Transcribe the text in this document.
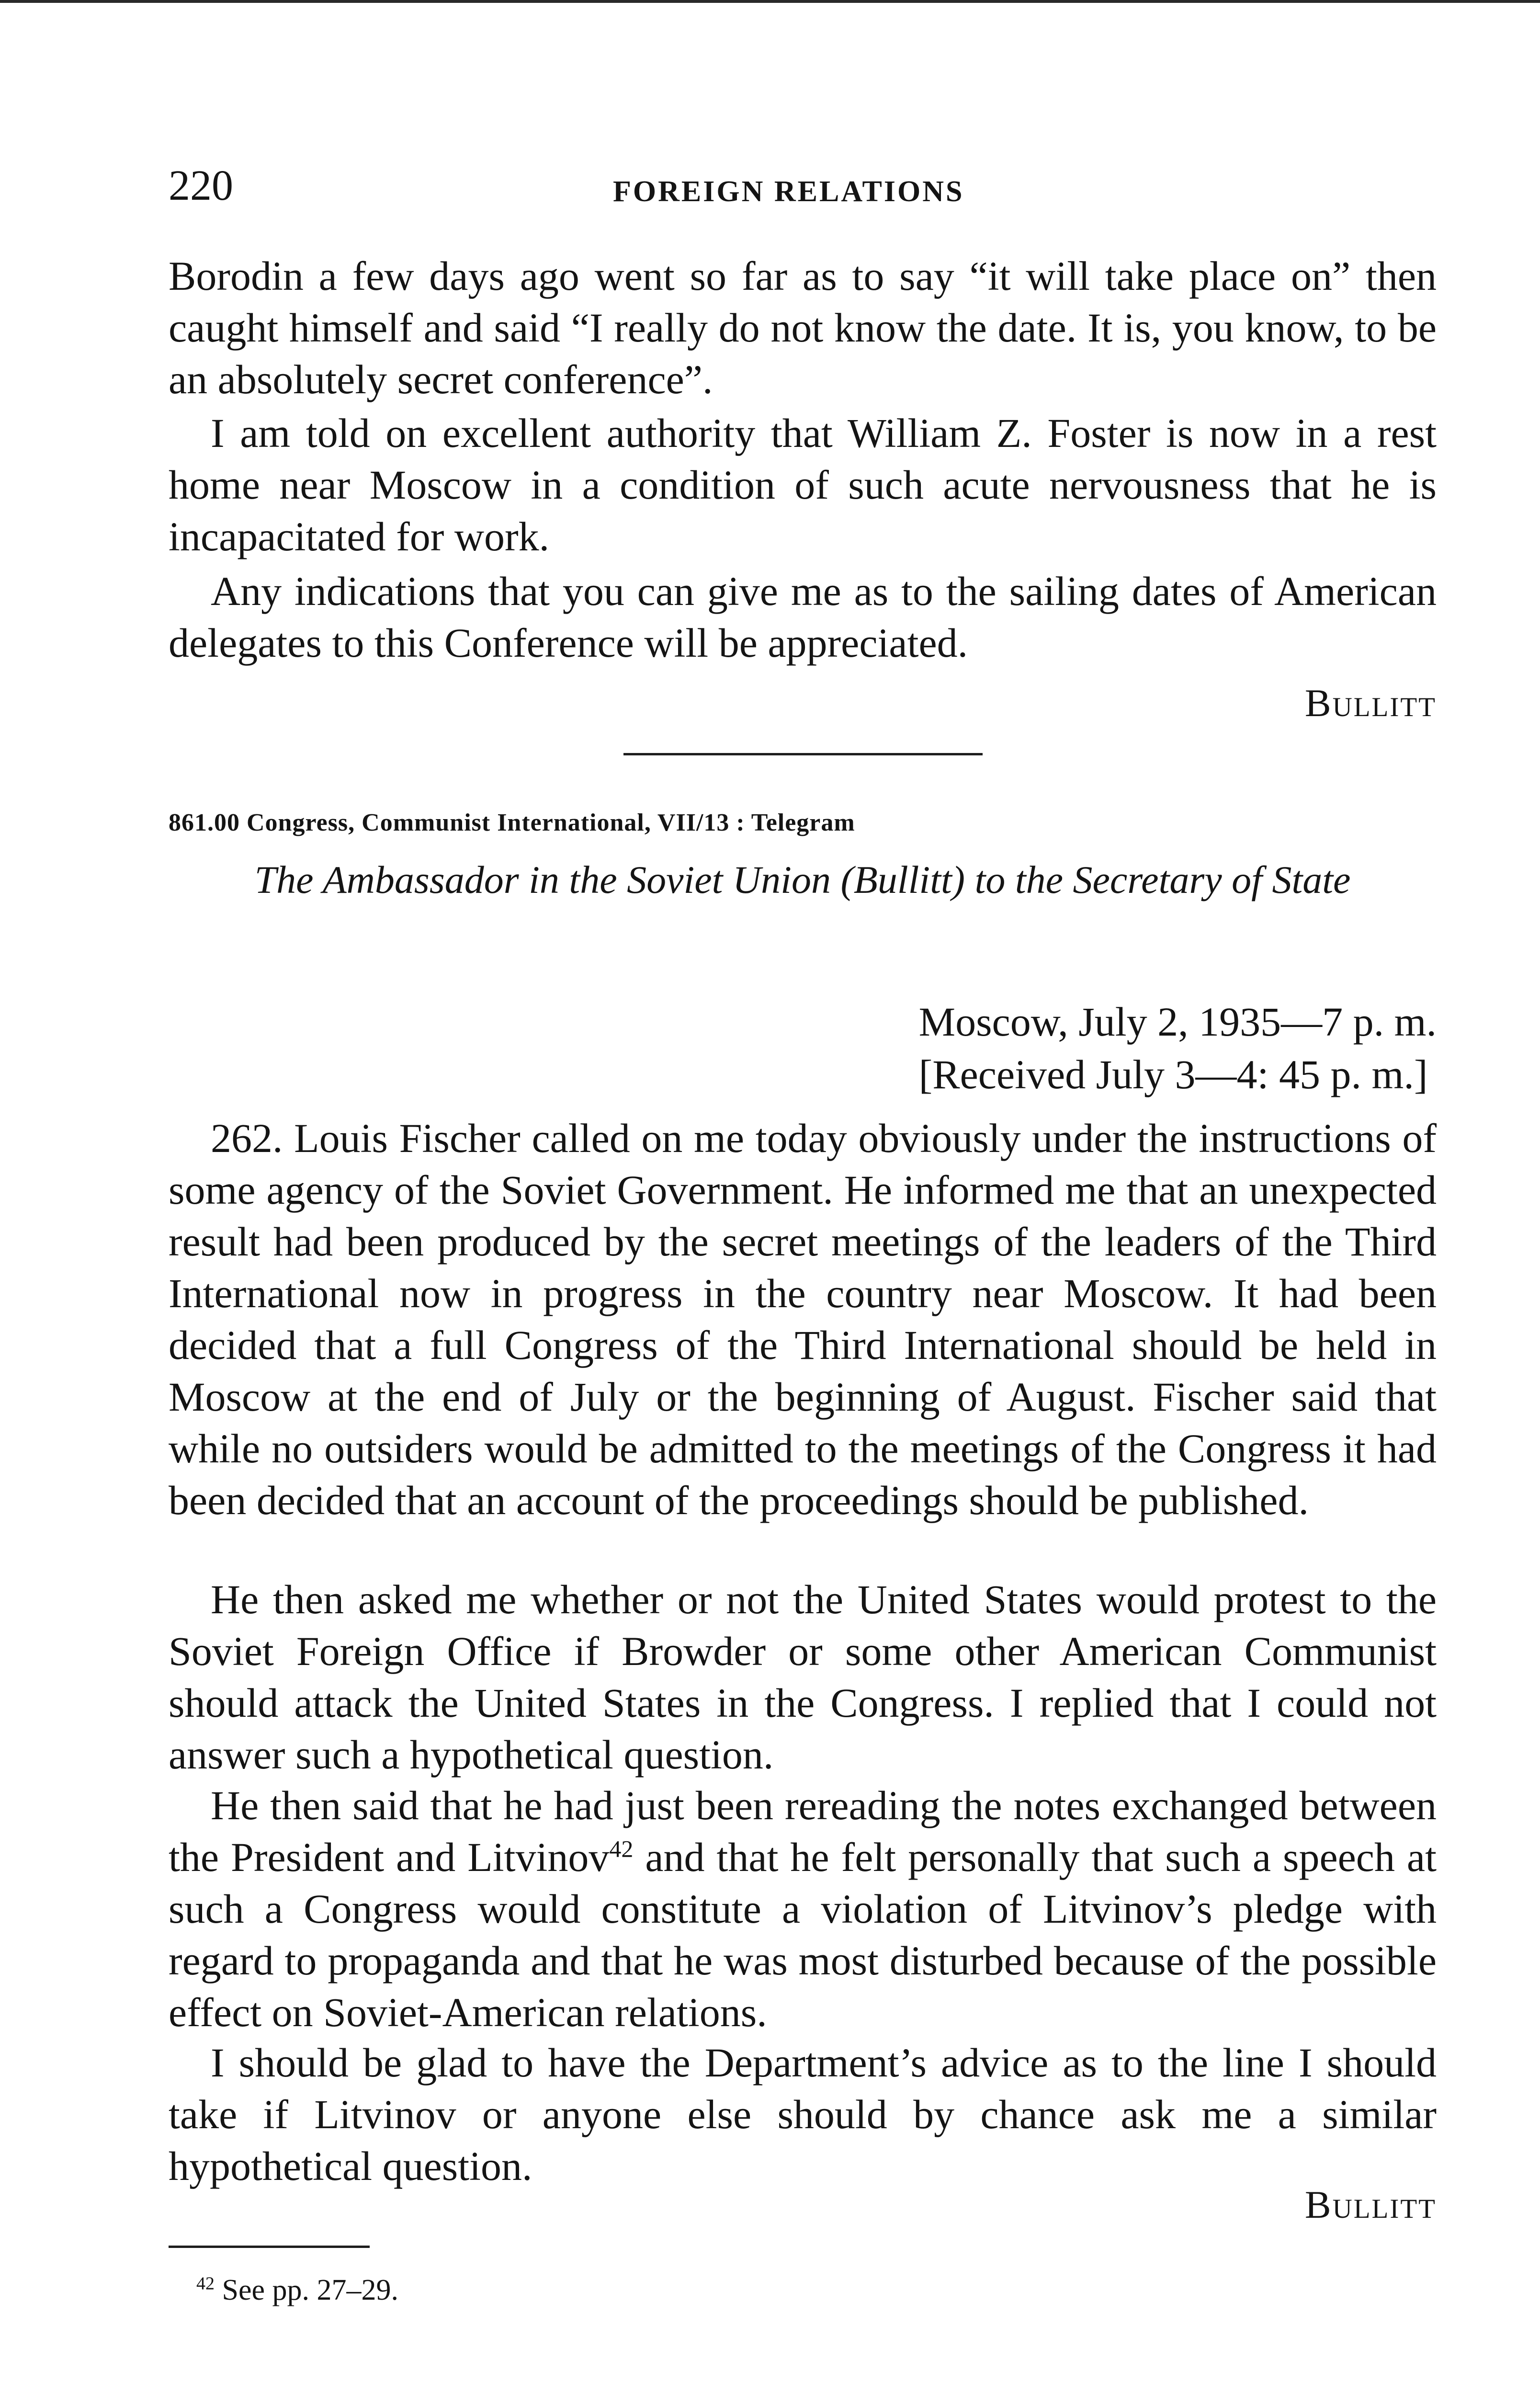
220	FOREIGN RELATIONS

Borodin a few days ago went so far as to say “it will take place on” then caught himself and said “I really do not know the date. It is, you know, to be an absolutely secret conference”.

I am told on excellent authority that William Z. Foster is now in a rest home near Moscow in a condition of such acute nervousness that he is incapacitated for work.

Any indications that you can give me as to the sailing dates of American delegates to this Conference will be appreciated.

Bullitt
861.00 Congress, Communist International, VII/13 : Telegram

The Ambassador in the Soviet Union (Bullitt) to the Secretary of State

Moscow, July 2, 1935—7 p. m.
[Received July 3—4: 45 p. m.]

262. Louis Fischer called on me today obviously under the instructions of some agency of the Soviet Government. He informed me that an unexpected result had been produced by the secret meetings of the leaders of the Third International now in progress in the country near Moscow. It had been decided that a full Congress of the Third International should be held in Moscow at the end of July or the beginning of August. Fischer said that while no outsiders would be admitted to the meetings of the Congress it had been decided that an account of the proceedings should be published.

He then asked me whether or not the United States would protest to the Soviet Foreign Office if Browder or some other American Communist should attack the United States in the Congress. I replied that I could not answer such a hypothetical question.

He then said that he had just been rereading the notes exchanged between the President and Litvinov$^{42}$ and that he felt personally that such a speech at such a Congress would constitute a violation of Litvinov’s pledge with regard to propaganda and that he was most disturbed because of the possible effect on Soviet-American relations.

I should be glad to have the Department’s advice as to the line I should take if Litvinov or anyone else should by chance ask me a similar hypothetical question.

Bullitt
$^{42}$ See pp. 27–29.
